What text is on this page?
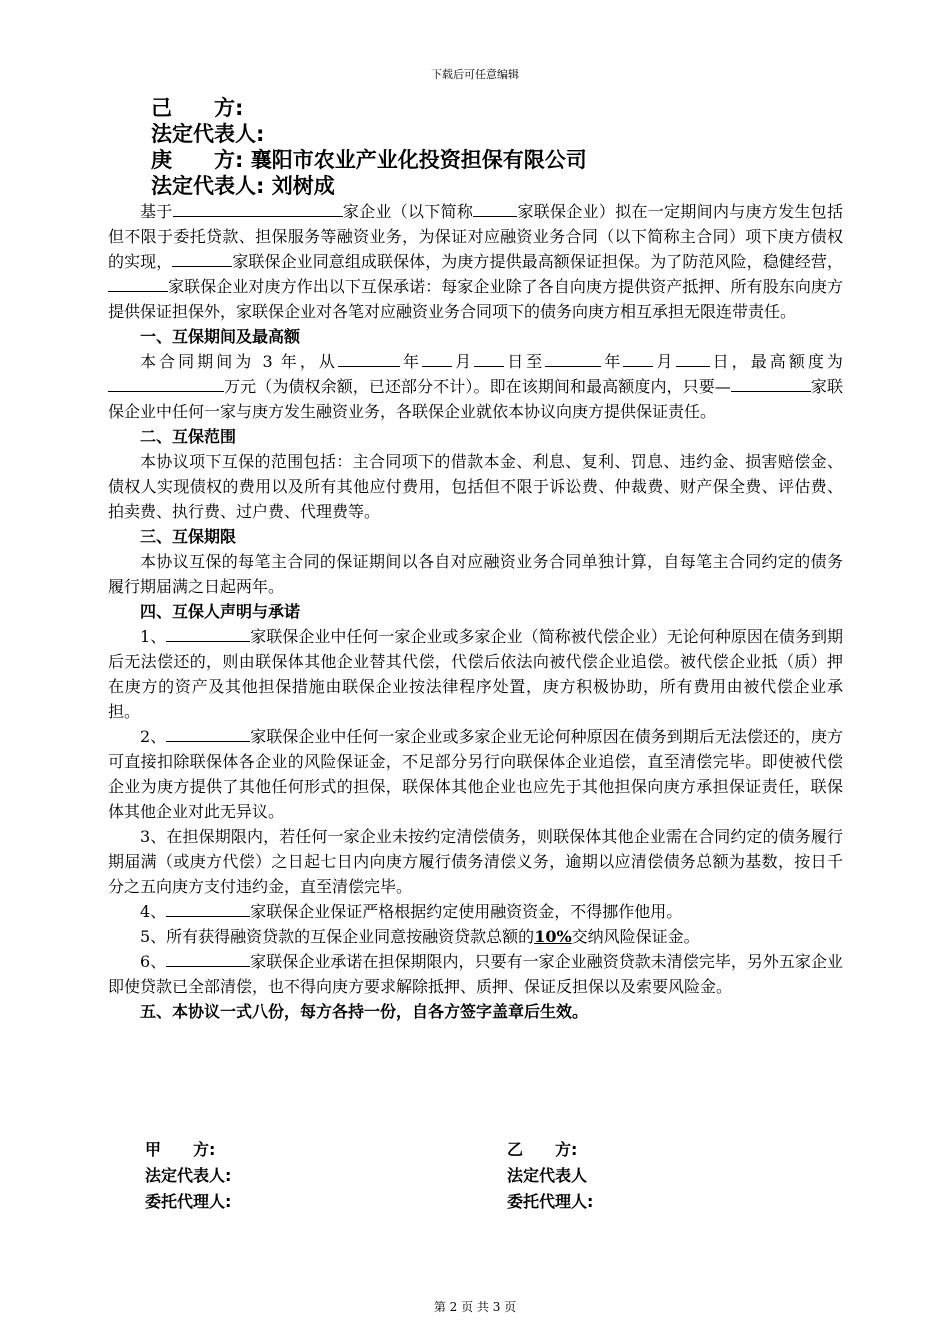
下载后可任意编辑
己　　方:
法定代表人:
庚　　方: 襄阳市农业产业化投资担保有限公司
法定代表人: 刘树成

基于	家企业（以下简称	家联保企业）拟在一定期间内与庚方发生包括但不限于委托贷款、担保服务等融资业务，为保证对应融资业务合同（以下简称主合同）项下庚方债权的实现，	家联保企业同意组成联保体，为庚方提供最高额保证担保。为了防范风险，稳健经营，家联保企业对庚方作出以下互保承诺：每家企业除了各自向庚方提供资产抵押、所有股东向庚方提供保证担保外，家联保企业对各笔对应融资业务合同项下的债务向庚方相互承担无限连带责任。

一、互保期间及最高额

本合同期间为 3 年，从	年 月 日至	年 月 日，最高额度为万元（为债权余额，已还部分不计）。即在该期间和最高额度内，只要—	家联保企业中任何一家与庚方发生融资业务，各联保企业就依本协议向庚方提供保证责任。

二、互保范围

本协议项下互保的范围包括：主合同项下的借款本金、利息、复利、罚息、违约金、损害赔偿金、债权人实现债权的费用以及所有其他应付费用，包括但不限于诉讼费、仲裁费、财产保全费、评估费、拍卖费、执行费、过户费、代理费等。

三、互保期限

本协议互保的每笔主合同的保证期间以各自对应融资业务合同单独计算，自每笔主合同约定的债务履行期届满之日起两年。

四、互保人声明与承诺

1、	家联保企业中任何一家企业或多家企业（简称被代偿企业）无论何种原因在债务到期后无法偿还的，则由联保体其他企业替其代偿，代偿后依法向被代偿企业追偿。被代偿企业抵（质）押在庚方的资产及其他担保措施由联保企业按法律程序处置，庚方积极协助，所有费用由被代偿企业承担。

2、	家联保企业中任何一家企业或多家企业无论何种原因在债务到期后无法偿还的，庚方可直接扣除联保体各企业的风险保证金，不足部分另行向联保体企业追偿，直至清偿完毕。即使被代偿企业为庚方提供了其他任何形式的担保，联保体其他企业也应先于其他担保向庚方承担保证责任，联保体其他企业对此无异议。

3、在担保期限内，若任何一家企业未按约定清偿债务，则联保体其他企业需在合同约定的债务履行期届满（或庚方代偿）之日起七日内向庚方履行债务清偿义务，逾期以应清偿债务总额为基数，按日千分之五向庚方支付违约金，直至清偿完毕。

4、	家联保企业保证严格根据约定使用融资资金，不得挪作他用。

5、所有获得融资贷款的互保企业同意按融资贷款总额的10%交纳风险保证金。

6、	家联保企业承诺在担保期限内，只要有一家企业融资贷款未清偿完毕，另外五家企业即使贷款已全部清偿，也不得向庚方要求解除抵押、质押、保证反担保以及索要风险金。

五、本协议一式八份，每方各持一份，自各方签字盖章后生效。
甲　　方:
法定代表人:
委托代理人:
乙　　方:
法定代表人
委托代理人:
第 2 页 共 3 页
